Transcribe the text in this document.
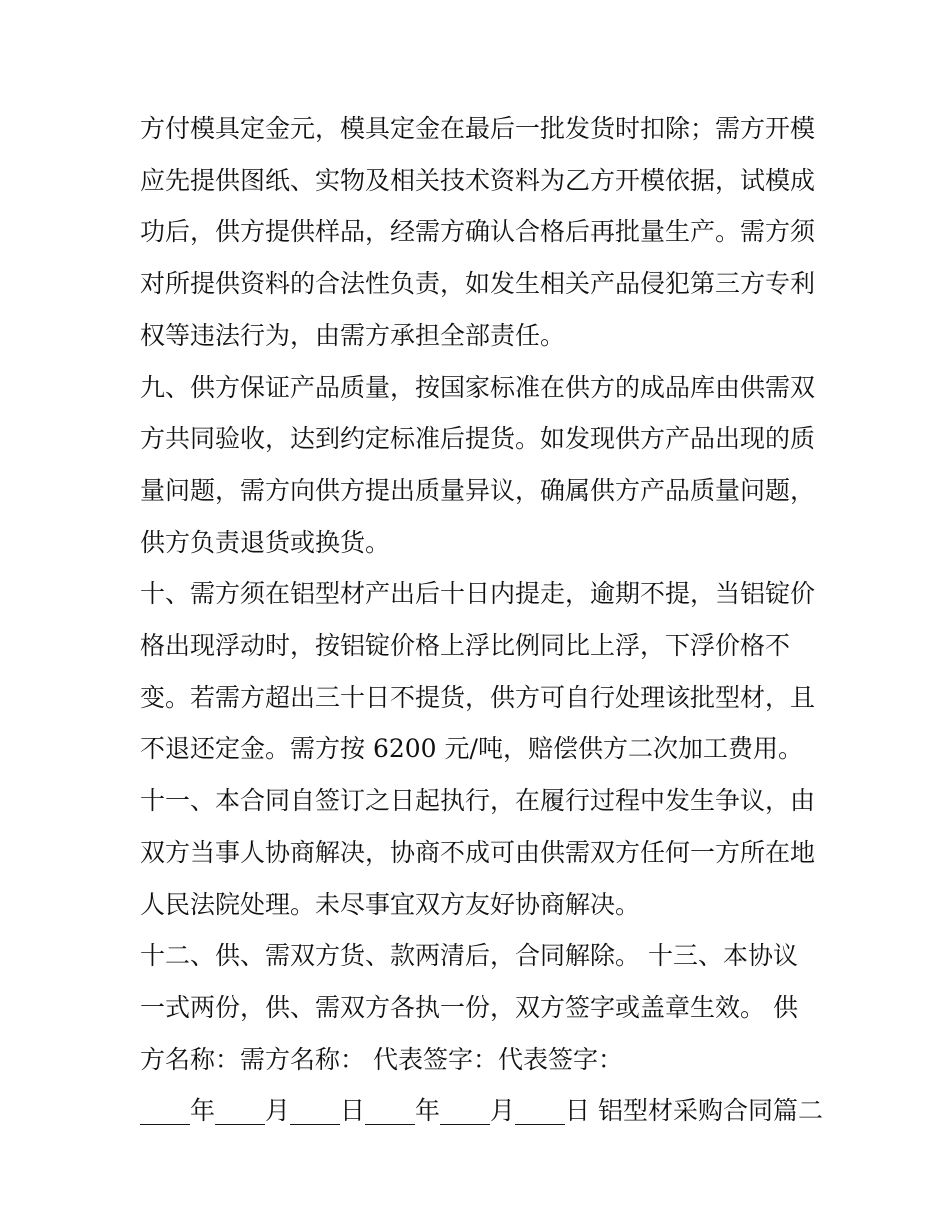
方付模具定金元，模具定金在最后一批发货时扣除；需方开模
应先提供图纸、实物及相关技术资料为乙方开模依据，试模成
功后，供方提供样品，经需方确认合格后再批量生产。需方须
对所提供资料的合法性负责，如发生相关产品侵犯第三方专利
权等违法行为，由需方承担全部责任。

九、供方保证产品质量，按国家标准在供方的成品库由供需双
方共同验收，达到约定标准后提货。如发现供方产品出现的质
量问题，需方向供方提出质量异议，确属供方产品质量问题，
供方负责退货或换货。

十、需方须在铝型材产出后十日内提走，逾期不提，当铝锭价
格出现浮动时，按铝锭价格上浮比例同比上浮，下浮价格不
变。若需方超出三十日不提货，供方可自行处理该批型材，且
不退还定金。需方按 6200 元/吨，赔偿供方二次加工费用。

十一、本合同自签订之日起执行，在履行过程中发生争议，由
双方当事人协商解决，协商不成可由供需双方任何一方所在地
人民法院处理。未尽事宜双方友好协商解决。

十二、供、需双方货、款两清后，合同解除。 十三、本协议
一式两份，供、需双方各执一份，双方签字或盖章生效。 供
方名称：需方名称： 代表签字：代表签字：

____年____月____日____年____月____日 铝型材采购合同篇二
